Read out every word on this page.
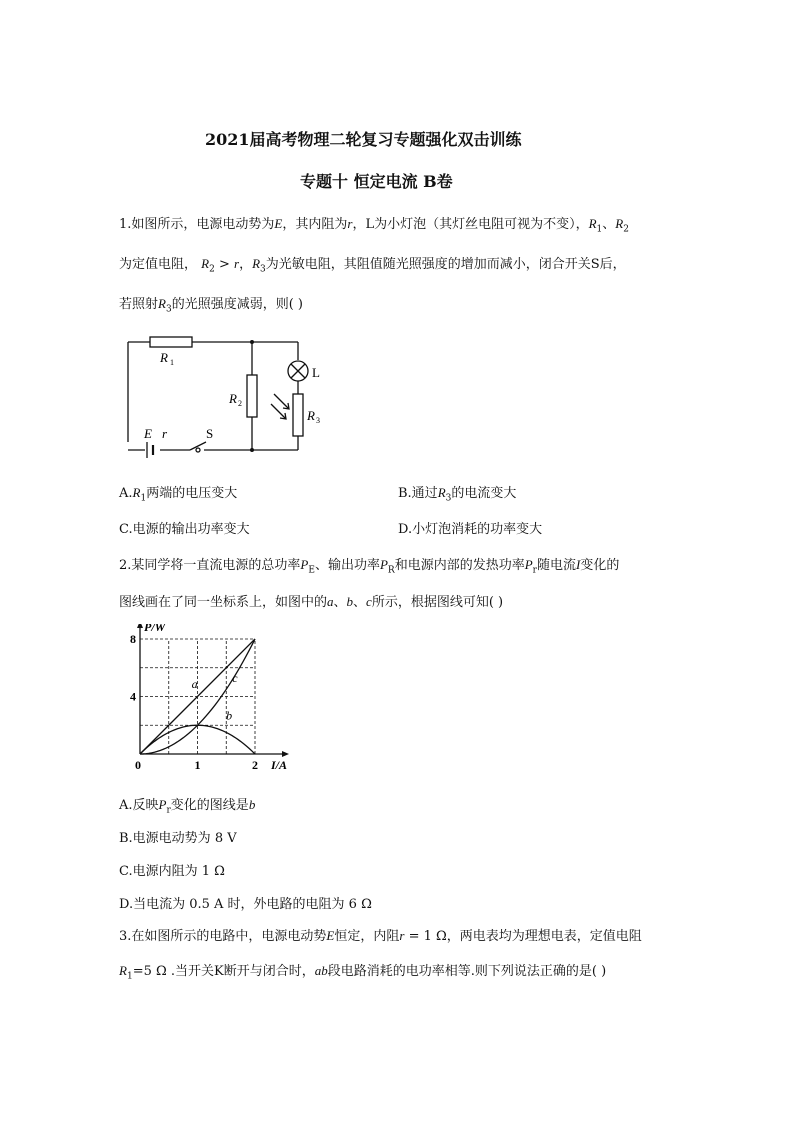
2021届高考物理二轮复习专题强化双击训练
专题十 恒定电流 B卷
1.如图所示，电源电动势为E，其内阻为r，L为小灯泡（其灯丝电阻可视为不变），$R_1$、$R_2$
为定值电阻， $R_2 > r$，$R_3$为光敏电阻，其阻值随光照强度的增加而减小，闭合开关S后，
若照射$R_3$的光照强度减弱，则( )
R 1
R 2
R 3
L
E r	S
$A.R_1$两端的电压变大	B.通过$R_3$的电流变大
C.电源的输出功率变大	D.小灯泡消耗的功率变大
2.某同学将一直流电源的总功率$P_E$、输出功率$P_R$和电源内部的发热功率$P_r$随电流I变化的
图线画在了同一坐标系上，如图中的a、b、c所示，根据图线可知( )
a
b
c
0	1	2
4
8
I/A
P/W
A.反映$P_r$变化的图线是b
B.电源电动势为 8 V
C.电源内阻为 1 Ω
D.当电流为 0.5 A 时，外电路的电阻为 6 Ω
3.在如图所示的电路中，电源电动势E恒定，内阻r = 1 Ω，两电表均为理想电表，定值电阻
$R_1=5$ Ω .当开关K断开与闭合时，ab段电路消耗的电功率相等.则下列说法正确的是( )
